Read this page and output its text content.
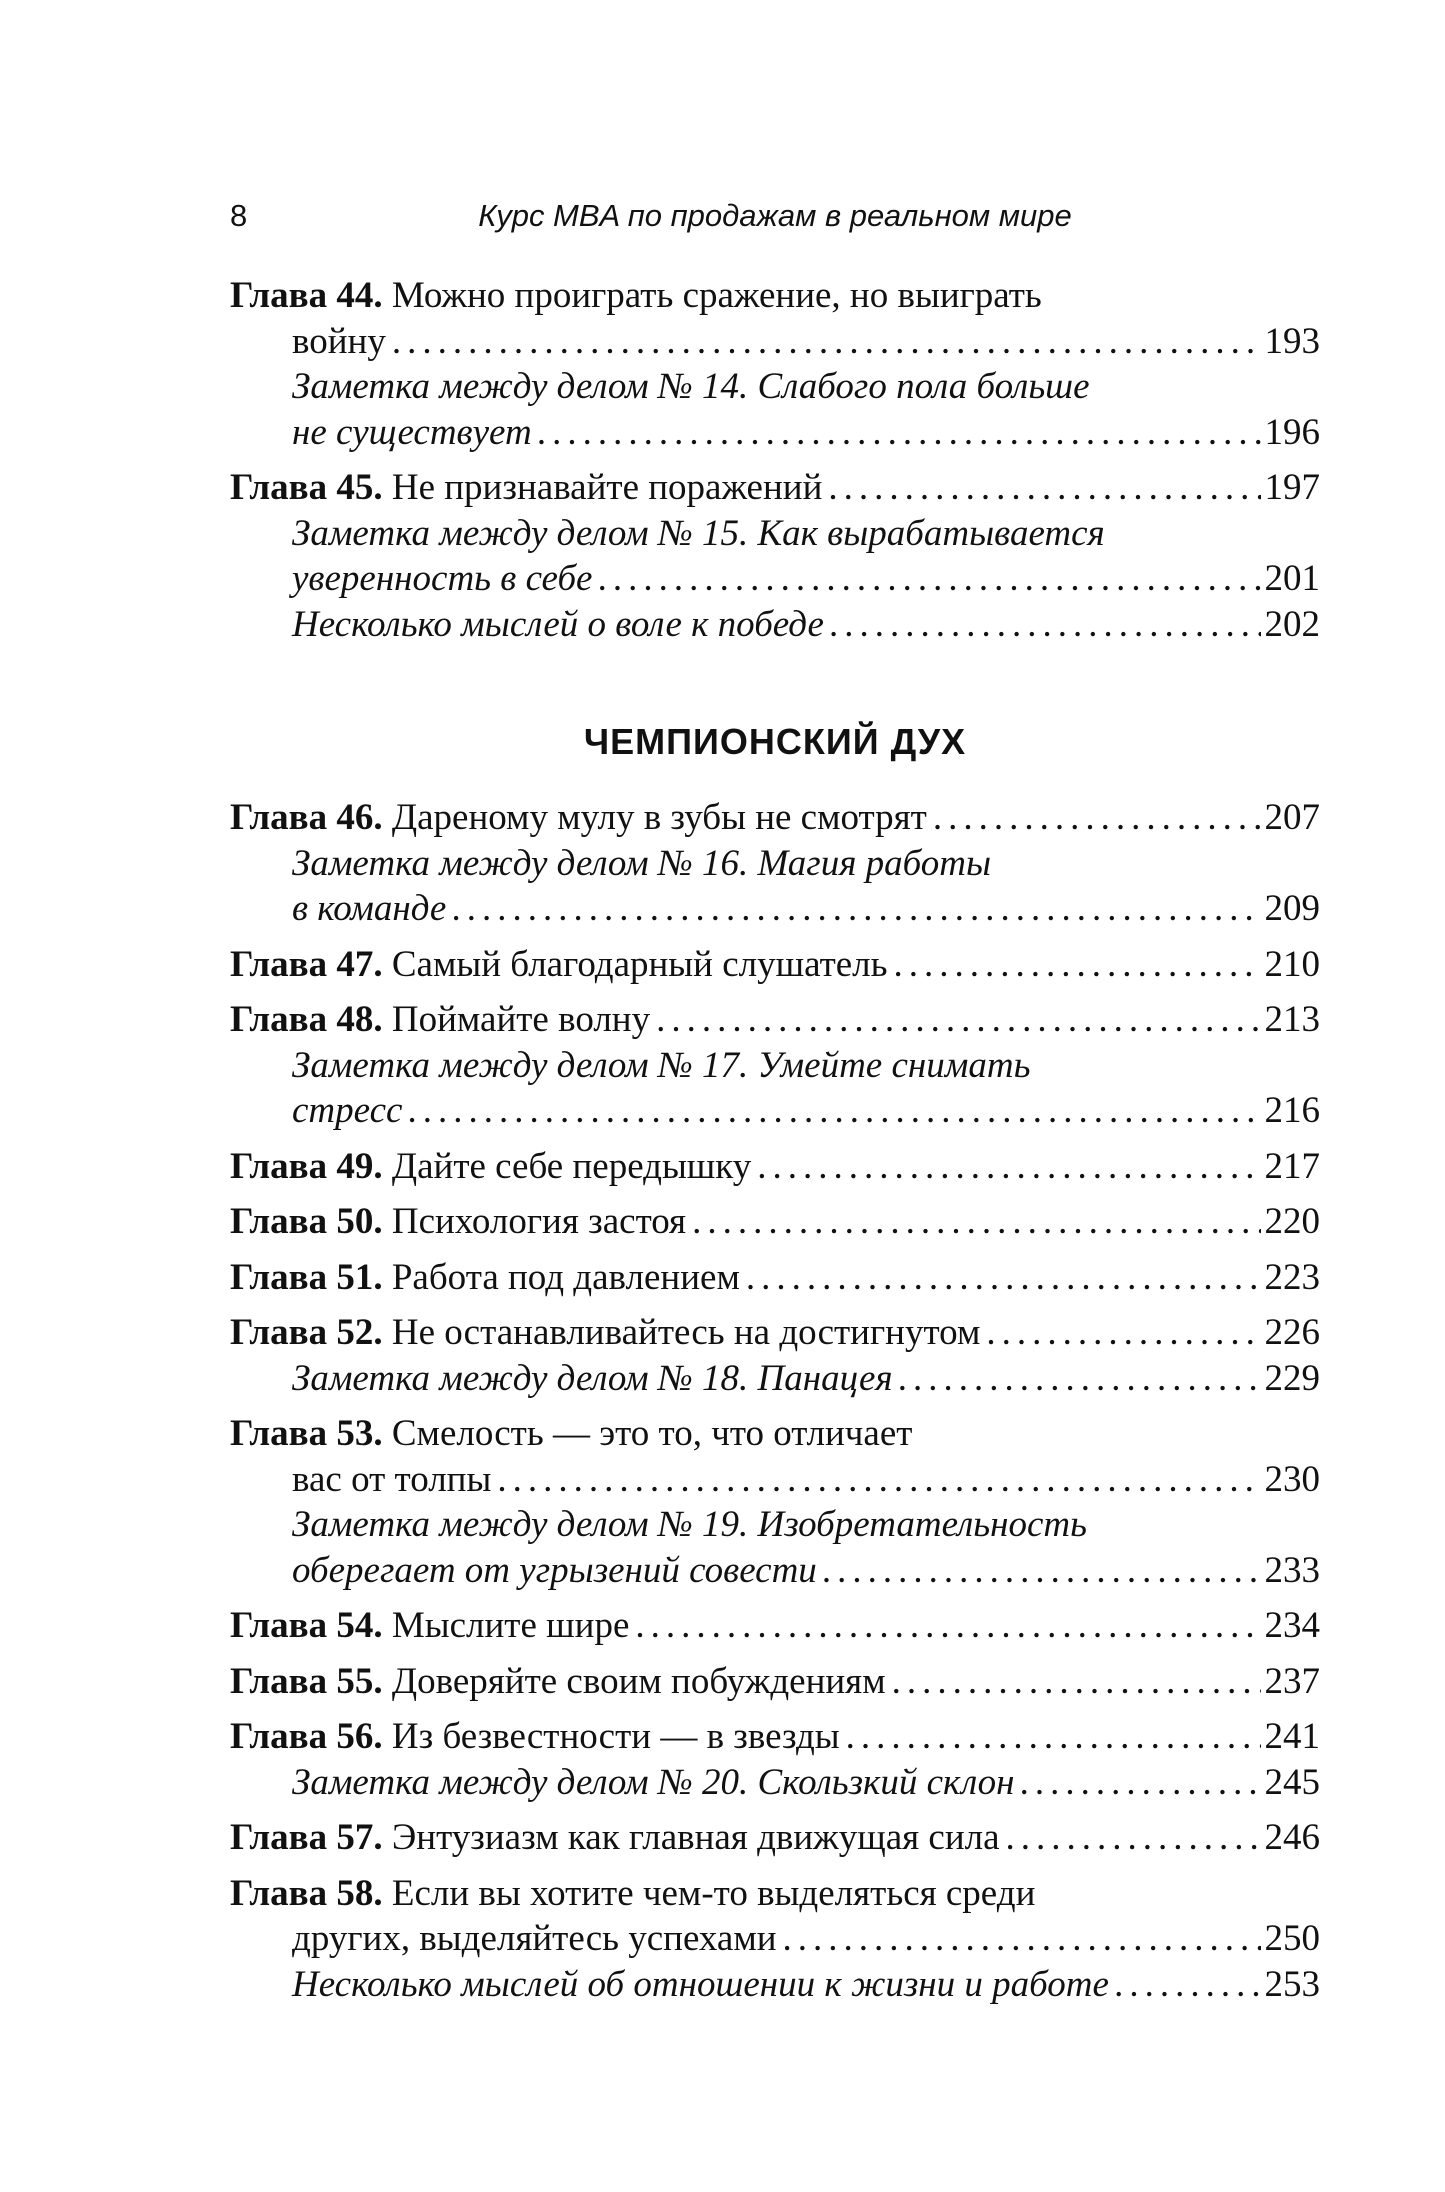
8	Курс MBA по продажам в реальном мире
Глава 44. Можно проиграть сражение, но выиграть
войну .....	193
Заметка между делом № 14. Слабого пола больше
не существует .....	196
Глава 45. Не признавайте поражений .....	197
Заметка между делом № 15. Как вырабатывается
уверенность в себе .....	201
Несколько мыслей о воле к победе .....	202
ЧЕМПИОНСКИЙ ДУХ
Глава 46. Дареному мулу в зубы не смотрят .....	207
Заметка между делом № 16. Магия работы
в команде .....	209
Глава 47. Самый благодарный слушатель .....	210
Глава 48. Поймайте волну .....	213
Заметка между делом № 17. Умейте снимать
стресс .....	216
Глава 49. Дайте себе передышку .....	217
Глава 50. Психология застоя .....	220
Глава 51. Работа под давлением .....	223
Глава 52. Не останавливайтесь на достигнутом .....	226
Заметка между делом № 18. Панацея .....	229
Глава 53. Смелость — это то, что отличает
вас от толпы .....	230
Заметка между делом № 19. Изобретательность
оберегает от угрызений совести .....	233
Глава 54. Мыслите шире .....	234
Глава 55. Доверяйте своим побуждениям .....	237
Глава 56. Из безвестности — в звезды .....	241
Заметка между делом № 20. Скользкий склон .....	245
Глава 57. Энтузиазм как главная движущая сила .....	246
Глава 58. Если вы хотите чем-то выделяться среди
других, выделяйтесь успехами .....	250
Несколько мыслей об отношении к жизни и работе .....	253
